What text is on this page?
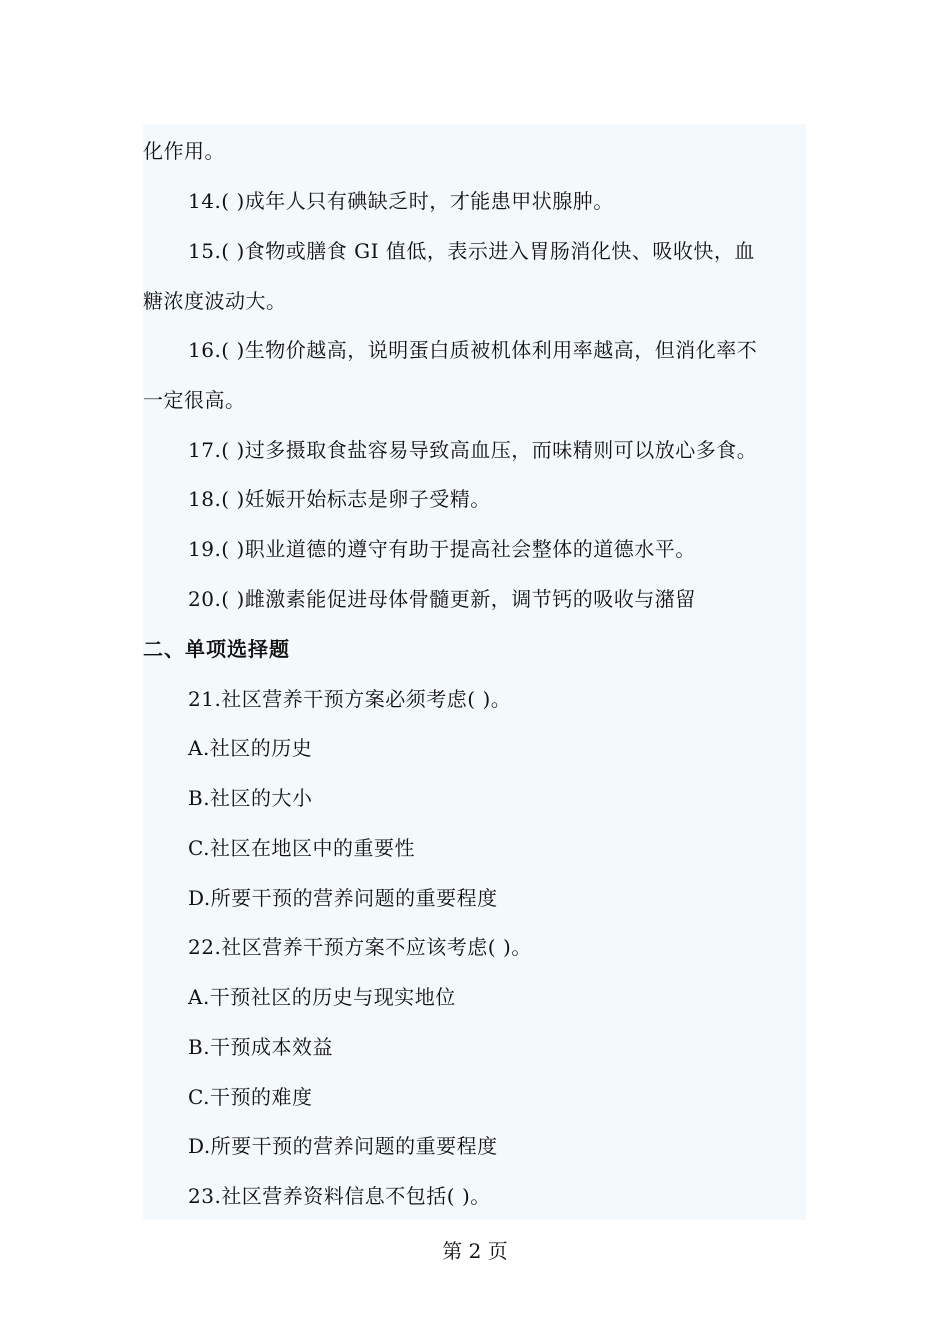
化作用。
14.( )成年人只有碘缺乏时，才能患甲状腺肿。
15.( )食物或膳食 GI 值低，表示进入胃肠消化快、吸收快，血
糖浓度波动大。
16.( )生物价越高，说明蛋白质被机体利用率越高，但消化率不
一定很高。
17.( )过多摄取食盐容易导致高血压，而味精则可以放心多食。
18.( )妊娠开始标志是卵子受精。
19.( )职业道德的遵守有助于提高社会整体的道德水平。
20.( )雌激素能促进母体骨髓更新，调节钙的吸收与潴留
二、单项选择题
21.社区营养干预方案必须考虑( )。
A.社区的历史
B.社区的大小
C.社区在地区中的重要性
D.所要干预的营养问题的重要程度
22.社区营养干预方案不应该考虑( )。
A.干预社区的历史与现实地位
B.干预成本效益
C.干预的难度
D.所要干预的营养问题的重要程度
23.社区营养资料信息不包括( )。
第 2 页
